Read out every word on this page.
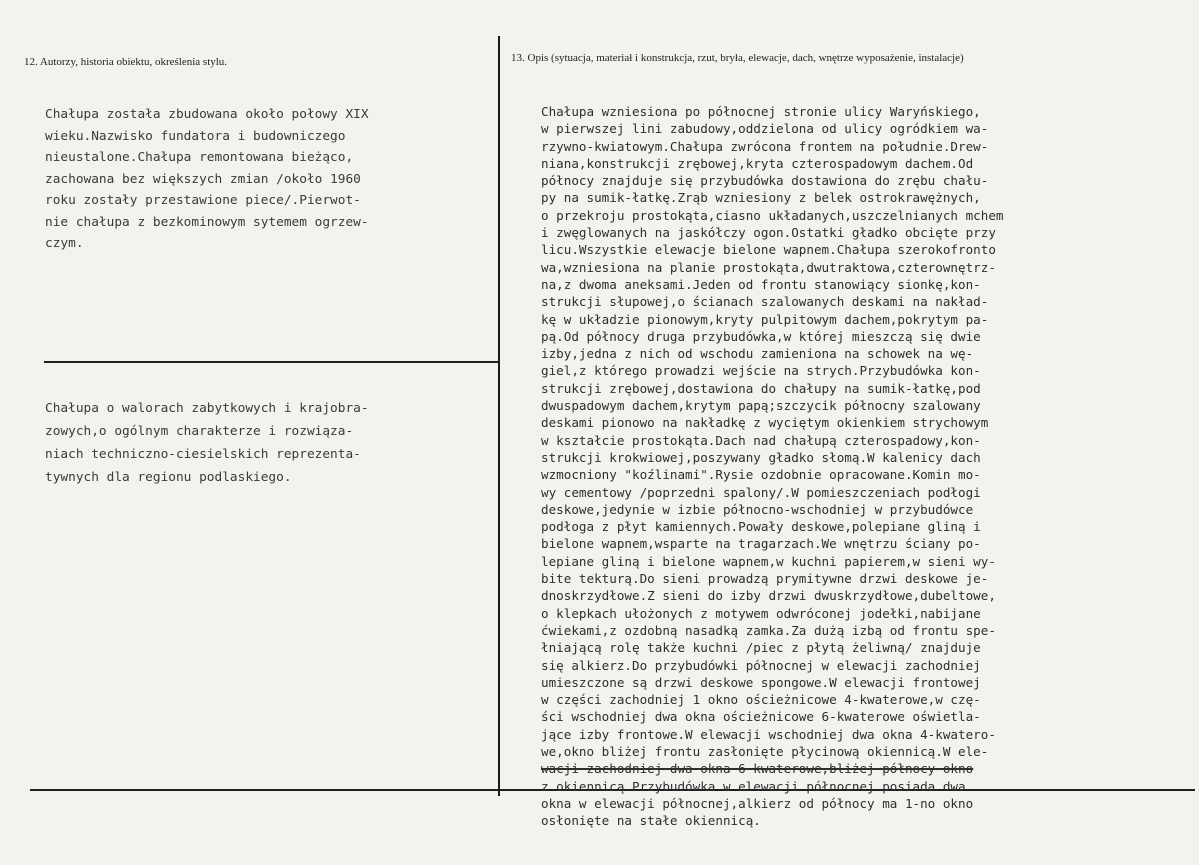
12. Autorzy, historia obiektu, określenia stylu.	13. Opis (sytuacja, materiał i konstrukcja, rzut, bryła, elewacje, dach, wnętrze wyposażenie, instalacje)
Chałupa została zbudowana około połowy XIX
wieku.Nazwisko fundatora i budowniczego
nieustalone.Chałupa remontowana bieżąco,
zachowana bez większych zmian /około 1960
roku zostały przestawione piece/.Pierwot-
nie chałupa z bezkominowym sytemem ogrzew-
czym.
Chałupa o walorach zabytkowych i krajobra-
zowych,o ogólnym charakterze i rozwiąza-
niach techniczno-ciesielskich reprezenta-
tywnych dla regionu podlaskiego.
Chałupa wzniesiona po północnej stronie ulicy Waryńskiego,
w pierwszej lini zabudowy,oddzielona od ulicy ogródkiem wa-
rzywno-kwiatowym.Chałupa zwrócona frontem na południe.Drew-
niana,konstrukcji zrębowej,kryta czterospadowym dachem.Od
północy znajduje się przybudówka dostawiona do zrębu chału-
py na sumik-łatkę.Zrąb wzniesiony z belek ostrokrawężnych,
o przekroju prostokąta,ciasno układanych,uszczelnianych mchem
i zwęglowanych na jaskółczy ogon.Ostatki gładko obcięte przy
licu.Wszystkie elewacje bielone wapnem.Chałupa szerokofronto
wa,wzniesiona na planie prostokąta,dwutraktowa,czterownętrz-
na,z dwoma aneksami.Jeden od frontu stanowiący sionkę,kon-
strukcji słupowej,o ścianach szalowanych deskami na nakład-
kę w układzie pionowym,kryty pulpitowym dachem,pokrytym pa-
pą.Od północy druga przybudówka,w której mieszczą się dwie
izby,jedna z nich od wschodu zamieniona na schowek na wę-
giel,z którego prowadzi wejście na strych.Przybudówka kon-
strukcji zrębowej,dostawiona do chałupy na sumik-łatkę,pod
dwuspadowym dachem,krytym papą;szczycik północny szalowany
deskami pionowo na nakładkę z wyciętym okienkiem strychowym
w kształcie prostokąta.Dach nad chałupą czterospadowy,kon-
strukcji krokwiowej,poszywany gładko słomą.W kalenicy dach
wzmocniony "koźlinami".Rysie ozdobnie opracowane.Komin mo-
wy cementowy /poprzedni spalony/.W pomieszczeniach podłogi
deskowe,jedynie w izbie północno-wschodniej w przybudówce
podłoga z płyt kamiennych.Powały deskowe,polepiane gliną i
bielone wapnem,wsparte na tragarzach.We wnętrzu ściany po-
lepiane gliną i bielone wapnem,w kuchni papierem,w sieni wy-
bite tekturą.Do sieni prowadzą prymitywne drzwi deskowe je-
dnoskrzydłowe.Z sieni do izby drzwi dwuskrzydłowe,dubeltowe,
o klepkach ułożonych z motywem odwróconej jodełki,nabijane
ćwiekami,z ozdobną nasadką zamka.Za dużą izbą od frontu spe-
łniającą rolę także kuchni /piec z płytą żeliwną/ znajduje
się alkierz.Do przybudówki północnej w elewacji zachodniej
umieszczone są drzwi deskowe spongowe.W elewacji frontowej
w części zachodniej 1 okno ościeżnicowe 4-kwaterowe,w czę-
ści wschodniej dwa okna ościeżnicowe 6-kwaterowe oświetla-
jące izby frontowe.W elewacji wschodniej dwa okna 4-kwatero-
we,okno bliżej frontu zasłonięte płycinową okiennicą.W ele-
wacji zachodniej dwa okna 6-kwaterowe,bliżej północy okno
z okiennicą.Przybudówka w elewacji północnej posiada dwa
okna w elewacji północnej,alkierz od północy ma 1-no okno
osłonięte na stałe okiennicą.
